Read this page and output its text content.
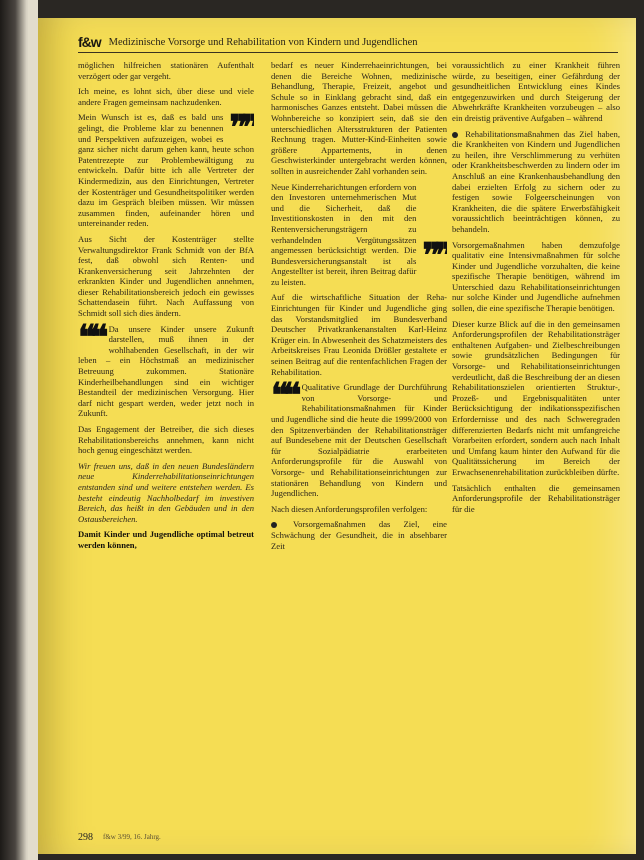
f&w Medizinische Vorsorge und Rehabilitation von Kindern und Jugendlichen

möglichen hilfreichen stationären Aufenthalt verzögert oder gar vergeht.

Ich meine, es lohnt sich, über diese und viele andere Fragen gemeinsam nachzudenken.

❞❞
Mein Wunsch ist es, daß es bald uns gelingt, die Probleme klar zu benennen und Perspektiven aufzuzeigen, wobei es ganz sicher nicht darum gehen kann, heute schon Patentrezepte zur Problembewältigung zu entwickeln. Dafür bitte ich alle Vertreter der Kindermedizin, aus den Einrichtungen, Vertreter der Kostenträger und Gesundheitspolitiker werden dazu im Gespräch bleiben müssen. Wir müssen zusammen finden, aufeinander hören und untereinander reden.

Aus Sicht der Kostenträger stellte Verwaltungsdirektor Frank Schmidt von der BfA fest, daß obwohl sich Renten- und Krankenversicherung seit Jahrzehnten der erkrankten Kinder und Jugendlichen annehmen, dieser Rehabilitationsbereich jedoch ein gewisses Schattendasein führt. Nach Auffassung von Schmidt soll sich dies ändern.

❝❝ Da unsere Kinder unsere Zukunft darstellen, muß ihnen in der wohlhabenden Gesellschaft, in der wir leben – ein Höchstmaß an medizinischer Betreuung zukommen. Stationäre Kinderheilbehandlungen sind ein wichtiger Bestandteil der medizinischen Versorgung. Hier darf nicht gespart werden, weder jetzt noch in Zukunft.

Das Engagement der Betreiber, die sich dieses Rehabilitationsbereichs annehmen, kann nicht hoch genug eingeschätzt werden.

Wir freuen uns, daß in den neuen Bundesländern neue Kinderrehabilitationseinrichtungen entstanden sind und weitere entstehen werden. Es besteht eindeutig Nachholbedarf im investiven Bereich, das heißt in den Gebäuden und in den Ostausbereichen.

Damit Kinder und Jugendliche optimal betreut werden können,

bedarf es neuer Kinderrehaeinrichtungen, bei denen die Bereiche Wohnen, medizinische Behandlung, Therapie, Freizeit, angebot und Schule so in Einklang gebracht sind, daß ein harmonisches Ganzes entsteht. Dabei müssen die Wohnbereiche so konzipiert sein, daß sie den unterschiedlichen Altersstrukturen der Patienten Rechnung tragen. Mutter-Kind-Einheiten sowie größere Appartements, in denen Geschwisterkinder untergebracht werden können, sollten in ausreichender Zahl vorhanden sein.

❞❞
Neue Kinderreharichtungen erfordern von den Investoren unternehmerischen Mut und die Sicherheit, daß die Investitionskosten in den mit den Rentenversicherungsträgern zu verhandelnden Vergütungssätzen angemessen berücksichtigt werden. Die Bundesversicherungsanstalt ist als Angestellter ist bereit, ihren Beitrag dafür zu leisten.

Auf die wirtschaftliche Situation der Reha-Einrichtungen für Kinder und Jugendliche ging das Vorstandsmitglied im Bundesverband Deutscher Privatkrankenanstalten Karl-Heinz Krüger ein. In Abwesenheit des Schatzmeisters des Arbeitskreises Frau Leonida Drößler gestaltete er seinen Beitrag auf die rentenfachlichen Fragen der Rehabilitation.

❝❝ Qualitative Grundlage der Durchführung von Vorsorge- und Rehabilitationsmaßnahmen für Kinder und Jugendliche sind die heute die 1999/2000 von den Spitzenverbänden der Rehabilitationsträger auf Bundesebene mit der Deutschen Gesellschaft für Sozialpädiatrie erarbeiteten Anforderungsprofile für die Auswahl von Vorsorge- und Rehabilitationseinrichtungen zur stationären Behandlung von Kindern und Jugendlichen.

Nach diesen Anforderungsprofilen verfolgen:

Vorsorgemaßnahmen das Ziel, eine Schwächung der Gesundheit, die in absehbarer Zeit

voraussichtlich zu einer Krankheit führen würde, zu beseitigen, einer Gefährdung der gesundheitlichen Entwicklung eines Kindes entgegenzuwirken und durch Steigerung der Abwehrkräfte Krankheiten vorzubeugen – also ein dreistig präventive Aufgaben – während

Rehabilitationsmaßnahmen das Ziel haben, die Krankheiten von Kindern und Jugendlichen zu heilen, ihre Verschlimmerung zu verhüten oder Krankheitsbeschwerden zu lindern oder im Anschluß an eine Krankenhausbehandlung den dabei erzielten Erfolg zu sichern oder zu festigen sowie Folgeerscheinungen von Krankheiten, die die spätere Erwerbsfähigkeit voraussichtlich beeinträchtigen können, zu behandeln.

Vorsorgemaßnahmen haben demzufolge qualitativ eine Intensivmaßnahmen für solche Kinder und Jugendliche vorzuhalten, die keine spezifische Therapie benötigen, während im Unterschied dazu Rehabilitationseinrichtungen nur solche Kinder und Jugendliche aufnehmen sollen, die eine spezifische Therapie benötigen.

Dieser kurze Blick auf die in den gemeinsamen Anforderungsprofilen der Rehabilitationsträger enthaltenen Aufgaben- und Zielbeschreibungen sowie grundsätzlichen Bedingungen für Vorsorge- und Rehabilitationseinrichtungen verdeutlicht, daß die Beschreibung der an diesen Rehabilitationszielen orientierten Struktur-, Prozeß- und Ergebnisqualitäten unter Berücksichtigung der indikationsspezifischen Erfordernisse und des nach Schweregraden differenzierten Bedarfs nicht mit umfangreiche Vorarbeiten erfordert, sondern auch nach Inhalt und Umfang kaum hinter den Aufwand für die Qualitätssicherung im Bereich der Erwachsenenrehabilitation zurückbleiben dürfte.

Tatsächlich enthalten die gemeinsamen Anforderungsprofile der Rehabilitationsträger für die

298 f&w 3/99, 16. Jahrg.
